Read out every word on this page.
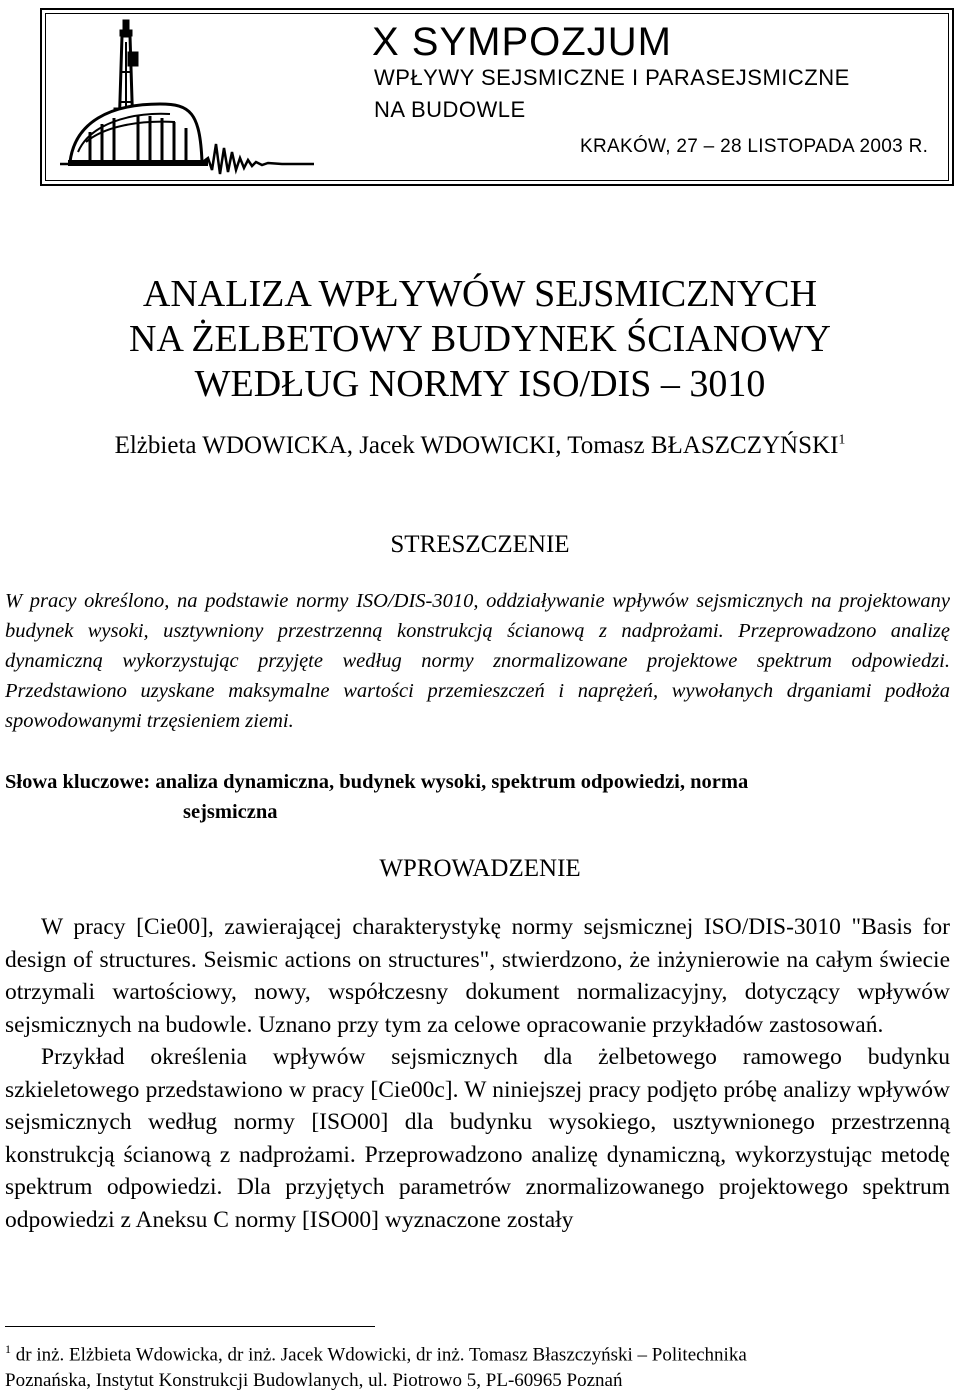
X SYMPOZJUM
WPŁYWY SEJSMICZNE I PARASEJSMICZNE
NA BUDOWLE
KRAKÓW, 27 – 28 LISTOPADA 2003 R.
ANALIZA WPŁYWÓW SEJSMICZNYCH
NA ŻELBETOWY BUDYNEK ŚCIANOWY
WEDŁUG NORMY ISO/DIS – 3010
Elżbieta WDOWICKA, Jacek WDOWICKI, Tomasz BŁASZCZYŃSKI$^1$
STRESZCZENIE
W pracy określono, na podstawie normy ISO/DIS-3010, oddziaływanie wpływów sejsmicznych na projektowany budynek wysoki, usztywniony przestrzenną konstrukcją ścianową z nadprożami. Przeprowadzono analizę dynamiczną wykorzystując przyjęte według normy znormalizowane projektowe spektrum odpowiedzi. Przedstawiono uzyskane maksymalne wartości przemieszczeń i naprężeń, wywołanych drganiami podłoża spowodowanymi trzęsieniem ziemi.
Słowa kluczowe: analiza dynamiczna, budynek wysoki, spektrum odpowiedzi, norma
sejsmiczna
WPROWADZENIE

W pracy [Cie00], zawierającej charakterystykę normy sejsmicznej ISO/DIS-3010 "Basis for design of structures. Seismic actions on structures", stwierdzono, że inżynierowie na całym świecie otrzymali wartościowy, nowy, współczesny dokument normalizacyjny, dotyczący wpływów sejsmicznych na budowle. Uznano przy tym za celowe opracowanie przykładów zastosowań.

Przykład określenia wpływów sejsmicznych dla żelbetowego ramowego budynku szkieletowego przedstawiono w pracy [Cie00c]. W niniejszej pracy podjęto próbę analizy wpływów sejsmicznych według normy [ISO00] dla budynku wysokiego, usztywnionego przestrzenną konstrukcją ścianową z nadprożami. Przeprowadzono analizę dynamiczną, wykorzystując metodę spektrum odpowiedzi. Dla przyjętych parametrów znormalizowanego projektowego spektrum odpowiedzi z Aneksu C normy [ISO00] wyznaczone zostały

$^1$ dr inż. Elżbieta Wdowicka, dr inż. Jacek Wdowicki, dr inż. Tomasz Błaszczyński – Politechnika
Poznańska, Instytut Konstrukcji Budowlanych, ul. Piotrowo 5, PL-60965 Poznań
